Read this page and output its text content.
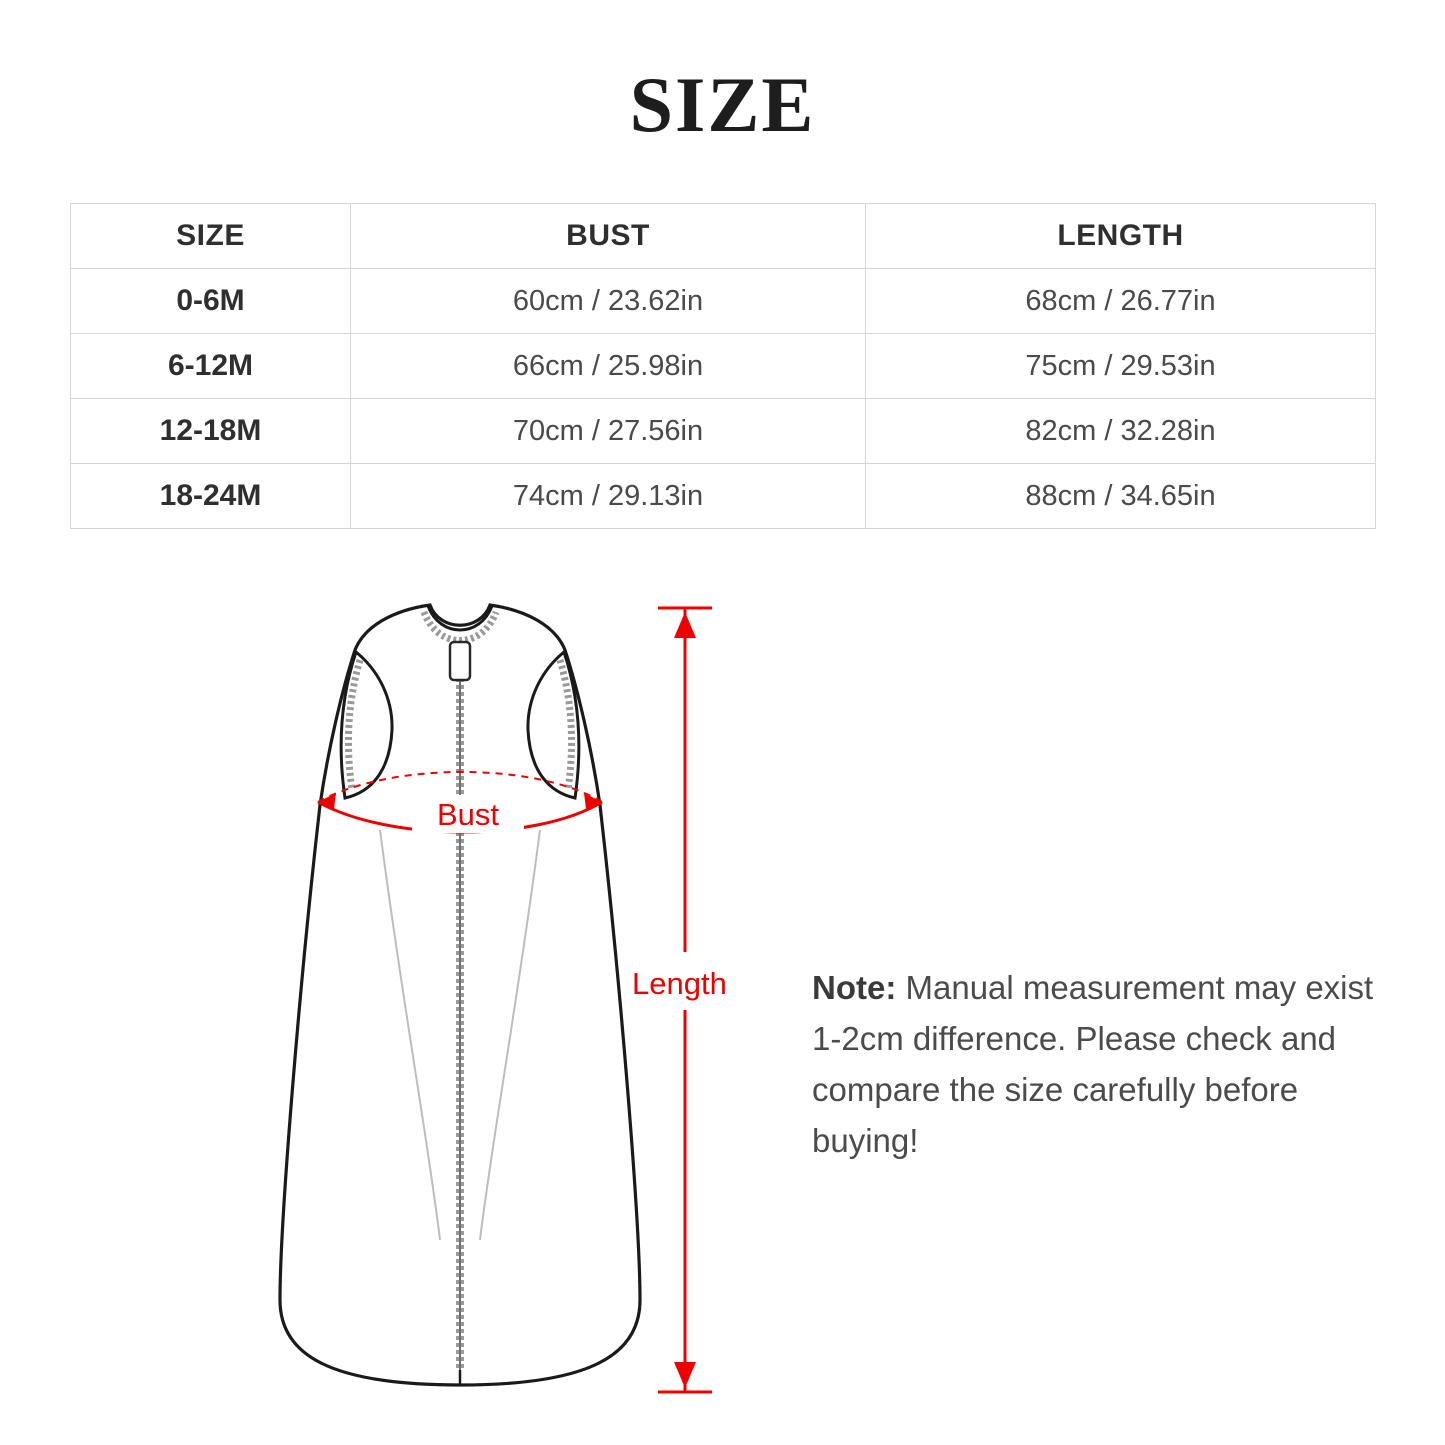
SIZE
SIZE	BUST	LENGTH
0-6M	60cm / 23.62in	68cm / 26.77in
6-12M	66cm / 25.98in	75cm / 29.53in
12-18M	70cm / 27.56in	82cm / 32.28in
18-24M	74cm / 29.13in	88cm / 34.65in
Bust
Length	Note: Manual measurement may exist 1-2cm difference. Please check and compare the size carefully before buying!
